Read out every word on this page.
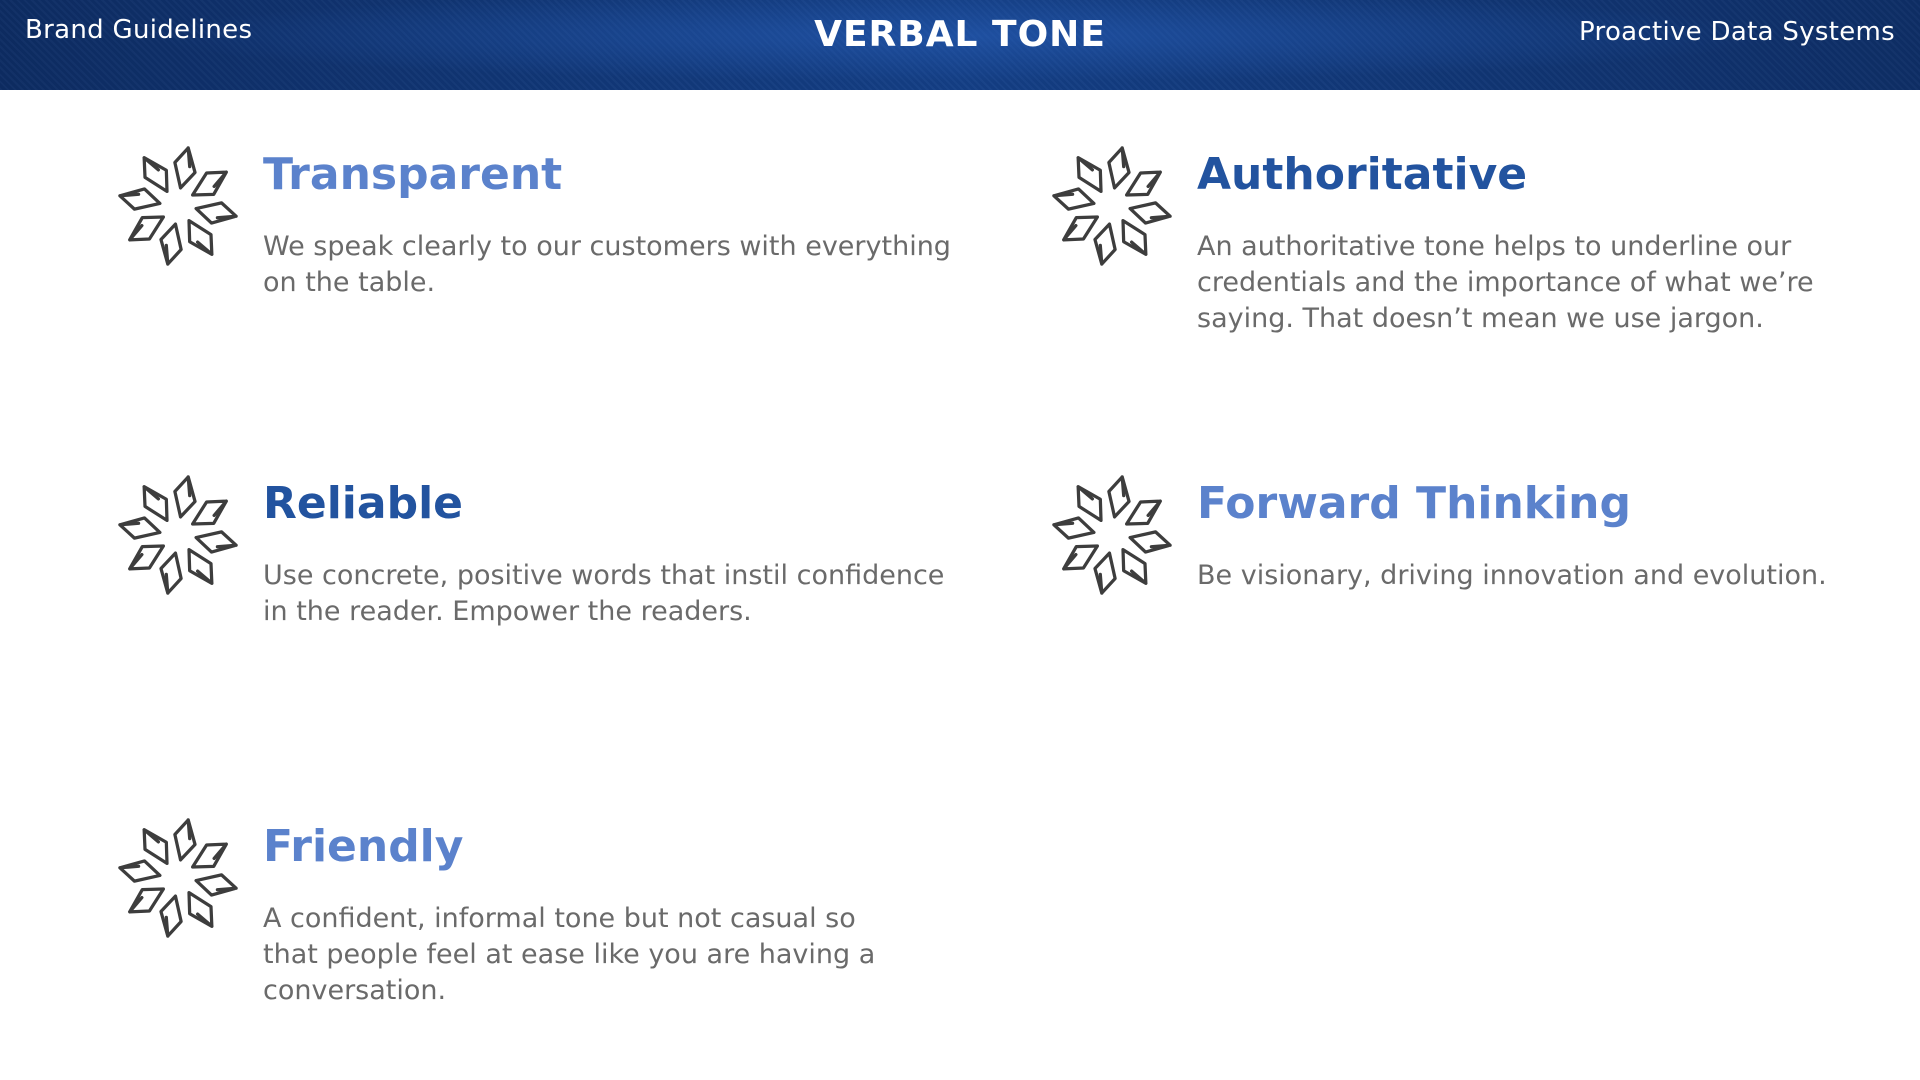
Brand Guidelines	VERBAL TONE	Proactive Data Systems
Transparent
We speak clearly to our customers with everything on the table.
Authoritative
An authoritative tone helps to underline our credentials and the importance of what we’re saying. That doesn’t mean we use jargon.
Reliable
Use concrete, positive words that instil confidence in the reader. Empower the readers.
Forward Thinking
Be visionary, driving innovation and evolution.
Friendly
A confident, informal tone but not casual so that people feel at ease like you are having a conversation.
